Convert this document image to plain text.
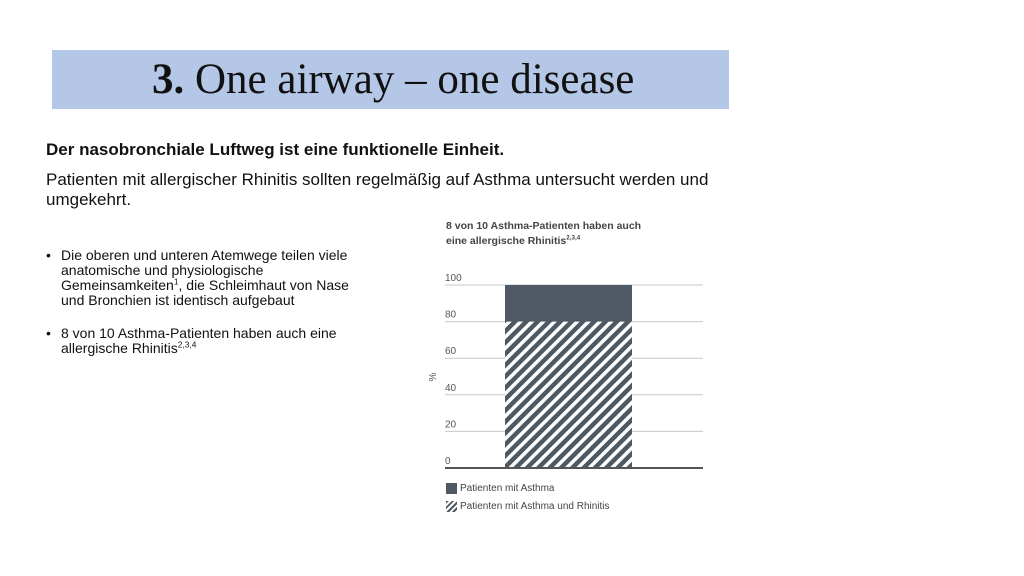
3. One airway – one disease
Der nasobronchiale Luftweg ist eine funktionelle Einheit.
Patienten mit allergischer Rhinitis sollten regelmäßig auf Asthma untersucht werden und umgekehrt.
• Die oberen und unteren Atemwege teilen viele anatomische und physiologische Gemeinsamkeiten$^1$, die Schleimhaut von Nase und Bronchien ist identisch aufgebaut
• 8 von 10 Asthma-Patienten haben auch eine allergische Rhinitis$^{2,3,4}$
8 von 10 Asthma-Patienten haben auch
eine allergische Rhinitis$^{2,3,4}$
0
20
40
60
80
100
%
Patienten mit Asthma
Patienten mit Asthma und Rhinitis
